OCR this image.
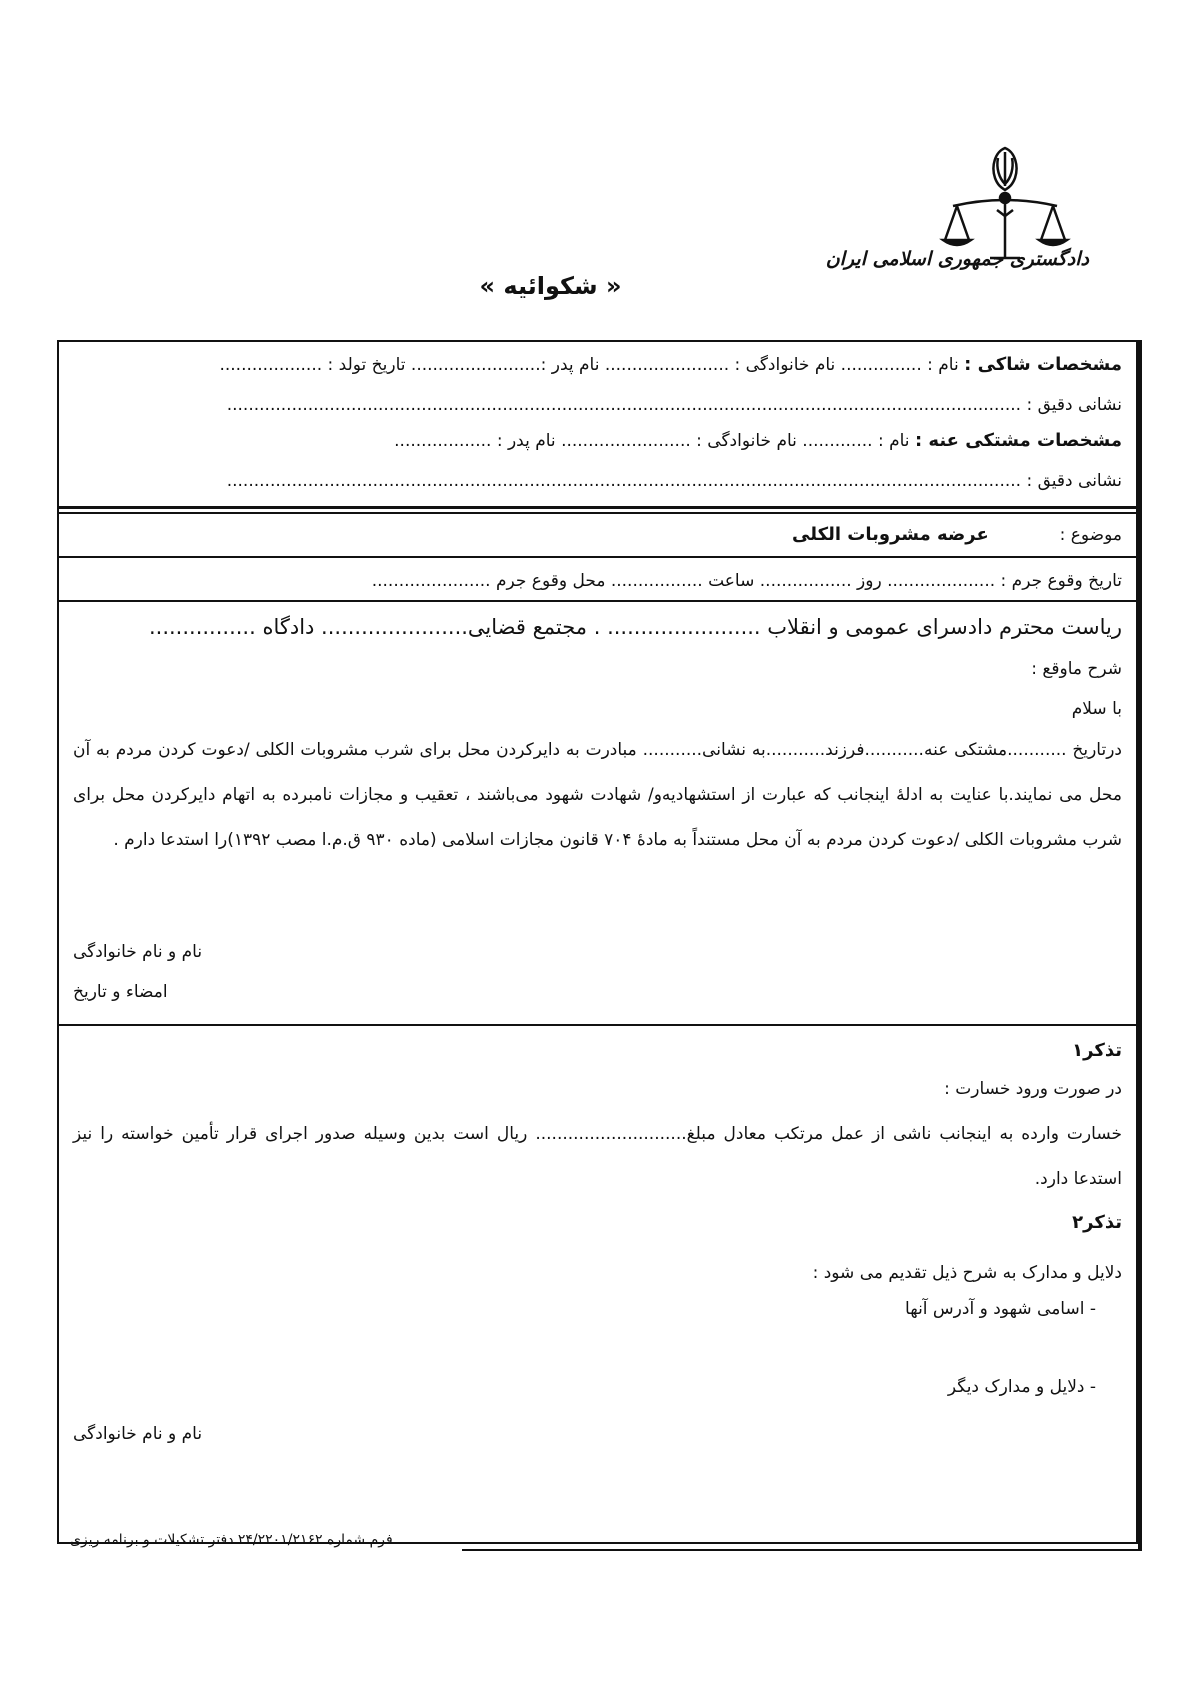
دادگستری جمهوری اسلامی ایران
« شکوائیه »
مشخصات شاکی : نام : ............... نام خانوادگی : ....................... نام پدر :........................ تاریخ تولد : ...................
نشانی دقیق : ...................................................................................................................................................
مشخصات مشتکی عنه : نام : ............. نام خانوادگی : ........................ نام پدر : ..................
نشانی دقیق : ...................................................................................................................................................
موضوع :  عرضه مشروبات الکلی
تاریخ وقوع جرم : .................... روز ................. ساعت ................. محل وقوع جرم ......................
ریاست محترم دادسرای عمومی و انقلاب ....................... . مجتمع قضایی...................... دادگاه ................
شرح ماوقع :
با سلام
درتاریخ ...........مشتکی عنه...........فرزند...........به نشانی........... مبادرت به دایرکردن محل برای شرب مشروبات الکلی /دعوت کردن مردم به آن محل می نمایند.با عنایت به ادلۀ اینجانب که عبارت از استشهادیه‌و/ شهادت شهود می‌باشند ، تعقیب و مجازات نامبرده به اتهام دایرکردن محل برای شرب مشروبات الکلی /دعوت کردن مردم به آن محل مستنداً به مادۀ ۷۰۴ قانون مجازات اسلامی (ماده ۹۳۰ ق.م.ا مصب ۱۳۹۲)را استدعا دارم .
نام و نام خانوادگی
امضاء و تاریخ
تذکر۱
در صورت ورود خسارت :
خسارت وارده به اینجانب ناشی از عمل مرتکب معادل مبلغ............................ ریال است بدین وسیله صدور اجرای قرار تأمین خواسته را نیز استدعا دارد.
تذکر۲
دلایل و مدارک به شرح ذیل تقدیم می شود :
- اسامی شهود و آدرس آنها
- دلایل و مدارک دیگر
نام و نام خانوادگی
فرم شماره ۲۴/۲۲۰۱/۲۱۶۲ دفتر تشکیلات و برنامه ریزی
